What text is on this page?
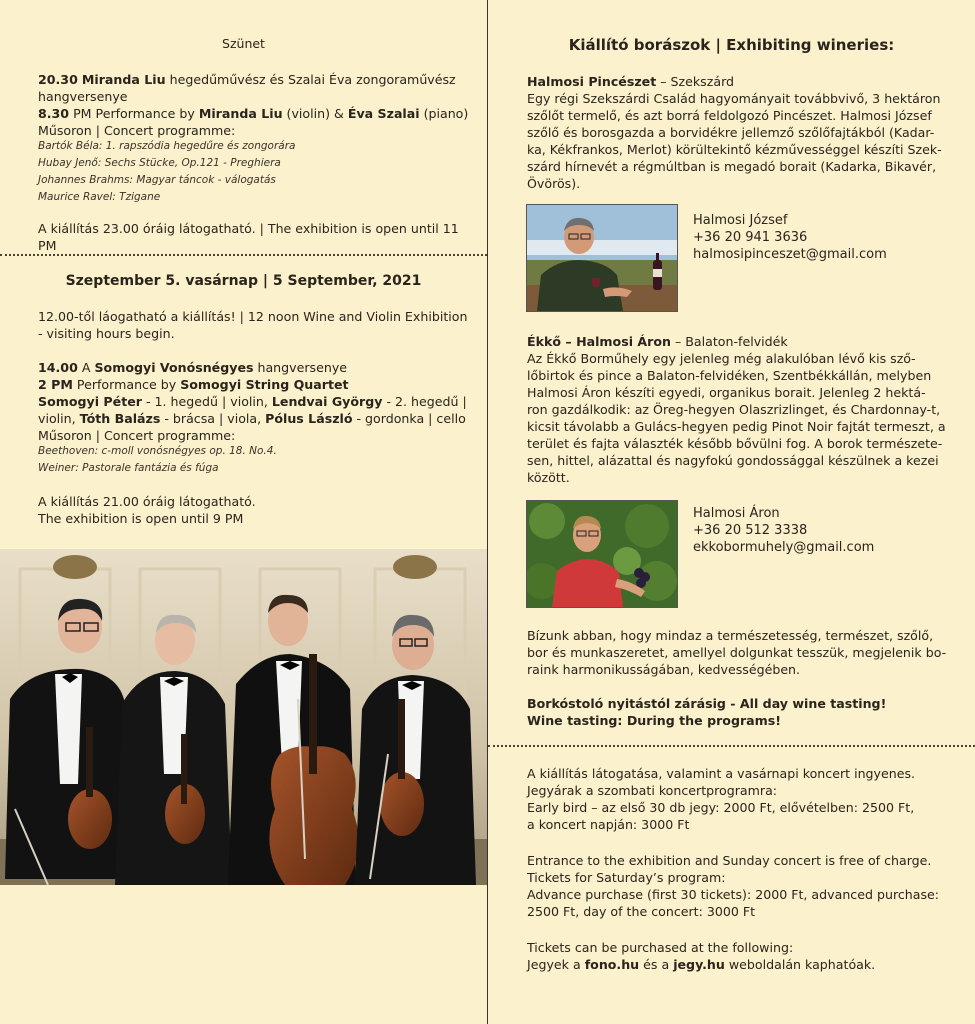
Szünet
20.30 Miranda Liu hegedűművész és Szalai Éva zongoraművész
hangversenye
8.30 PM Performance by Miranda Liu (violin) & Éva Szalai (piano)
Műsoron | Concert programme:
Bartók Béla: 1. rapszódia hegedűre és zongorára
Hubay Jenő: Sechs Stücke, Op.121 - Preghiera
Johannes Brahms: Magyar táncok - válogatás
Maurice Ravel: Tzigane
A kiállítás 23.00 óráig látogatható. | The exhibition is open until 11 PM
Szeptember 5. vasárnap | 5 September, 2021
12.00-től láogatható a kiállítás! | 12 noon Wine and Violin Exhibition
- visiting hours begin.
14.00 A Somogyi Vonósnégyes hangversenye
2 PM Performance by Somogyi String Quartet
Somogyi Péter - 1. hegedű | violin, Lendvai György - 2. hegedű |
violin, Tóth Balázs - brácsa | viola, Pólus László - gordonka | cello
Műsoron | Concert programme:
Beethoven: c-moll vonósnégyes op. 18. No.4.
Weiner: Pastorale fantázia és fúga
A kiállítás 21.00 óráig látogatható.
The exhibition is open until 9 PM
Kiállító borászok | Exhibiting wineries:
Halmosi Pincészet – Szekszárd
Egy régi Szekszárdi Család hagyományait továbbvivő, 3 hektáron
szőlőt termelő, és azt borrá feldolgozó Pincészet. Halmosi József
szőlő és borosgazda a borvidékre jellemző szőlőfajtákból (Kadar-
ka, Kékfrankos, Merlot) körültekintő kézművességgel készíti Szek-
szárd hírnevét a régmúltban is megadó borait (Kadarka, Bikavér,
Övörös).
Halmosi József
+36 20 941 3636
halmosipinceszet@gmail.com
Ékkő – Halmosi Áron – Balaton-felvidék
Az Ékkő Borműhely egy jelenleg még alakulóban lévő kis sző-
lőbirtok és pince a Balaton-felvidéken, Szentbékkállán, melyben
Halmosi Áron készíti egyedi, organikus borait. Jelenleg 2 hektá-
ron gazdálkodik: az Öreg-hegyen Olaszrizlinget, és Chardonnay-t,
kicsit távolabb a Gulács-hegyen pedig Pinot Noir fajtát termeszt, a
terület és fajta választék később bővülni fog. A borok természete-
sen, hittel, alázattal és nagyfokú gondossággal készülnek a kezei
között.
Halmosi Áron
+36 20 512 3338
ekkobormuhely@gmail.com
Bízunk abban, hogy mindaz a természetesség, természet, szőlő,
bor és munkaszeretet, amellyel dolgunkat tesszük, megjelenik bo-
raink harmonikusságában, kedvességében.
Borkóstoló nyitástól zárásig - All day wine tasting!
Wine tasting: During the programs!
A kiállítás látogatása, valamint a vasárnapi koncert ingyenes.
Jegyárak a szombati koncertprogramra:
Early bird – az első 30 db jegy: 2000 Ft, elővételben: 2500 Ft,
a koncert napján: 3000 Ft
Entrance to the exhibition and Sunday concert is free of charge.
Tickets for Saturday’s program:
Advance purchase (first 30 tickets): 2000 Ft, advanced purchase:
2500 Ft, day of the concert: 3000 Ft
Tickets can be purchased at the following:
Jegyek a fono.hu és a jegy.hu weboldalán kaphatóak.
